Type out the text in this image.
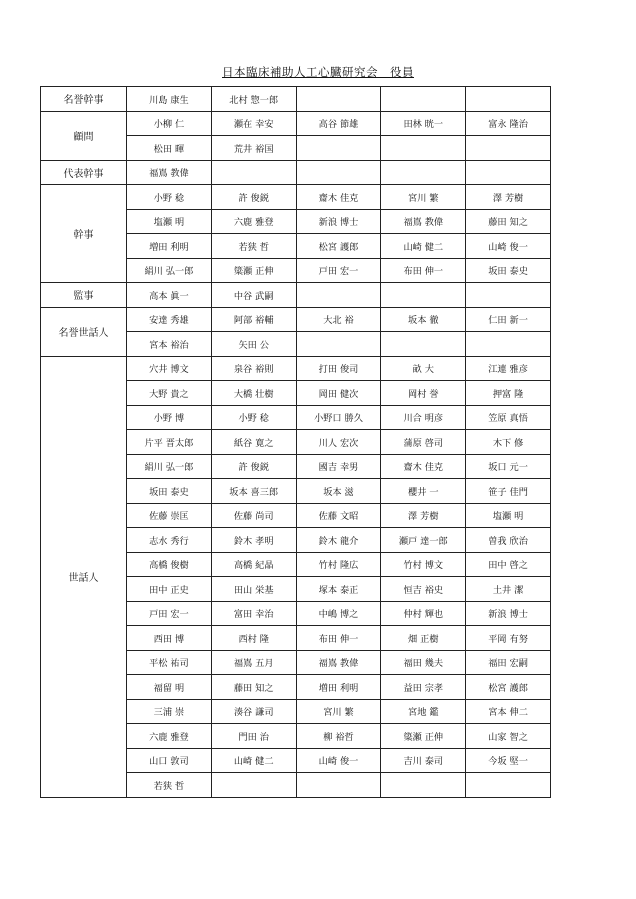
日本臨床補助人工心臓研究会　役員
名誉幹事	川島 康生	北村 惣一郎			
顧問	小柳 仁	瀬在 幸安	高谷 節雄	田林 晄一	富永 隆治
	松田 暉	荒井 裕国			
代表幹事	福嶌 教偉				
幹事	小野 稔	許 俊鋭	齋木 佳克	宮川 繁	澤 芳樹
	塩瀬 明	六鹿 雅登	新浪 博士	福嶌 教偉	藤田 知之
	増田 利明	若狭 哲	松宮 護郎	山崎 健二	山崎 俊一
	絹川 弘一郎	簗瀬 正伸	戸田 宏一	布田 伸一	坂田 泰史
監事	高本 眞一	中谷 武嗣			
名誉世話人	安達 秀雄	阿部 裕輔	大北 裕	坂本 徹	仁田 新一
	宮本 裕治	矢田 公			
世話人	穴井 博文	泉谷 裕則	打田 俊司	畝 大	江連 雅彦
	大野 貴之	大橋 壮樹	岡田 健次	岡村 誉	押富 隆
	小野 博	小野 稔	小野口 勝久	川合 明彦	笠原 真悟
	片平 晋太郎	紙谷 寛之	川人 宏次	蒲原 啓司	木下 修
	絹川 弘一郎	許 俊鋭	國吉 幸男	齋木 佳克	坂口 元一
	坂田 泰史	坂本 喜三郎	坂本 滋	櫻井 一	笹子 佳門
	佐藤 崇匡	佐藤 尚司	佐藤 文昭	澤 芳樹	塩瀬 明
	志水 秀行	鈴木 孝明	鈴木 龍介	瀬戸 達一郎	曽我 欣治
	高橋 俊樹	高橋 紀晶	竹村 隆広	竹村 博文	田中 啓之
	田中 正史	田山 栄基	塚本 泰正	恒吉 裕史	土井 潔
	戸田 宏一	富田 幸治	中嶋 博之	仲村 輝也	新浪 博士
	西田 博	西村 隆	布田 伸一	畑 正樹	平岡 有努
	平松 祐司	福嶌 五月	福嶌 教偉	福田 幾夫	福田 宏嗣
	福留 明	藤田 知之	増田 利明	益田 宗孝	松宮 護郎
	三浦 崇	湊谷 謙司	宮川 繁	宮地 鑑	宮本 伸二
	六鹿 雅登	門田 治	柳 裕哲	簗瀬 正伸	山家 智之
	山口 敦司	山崎 健二	山崎 俊一	吉川 泰司	今坂 堅一
	若狭 哲				
